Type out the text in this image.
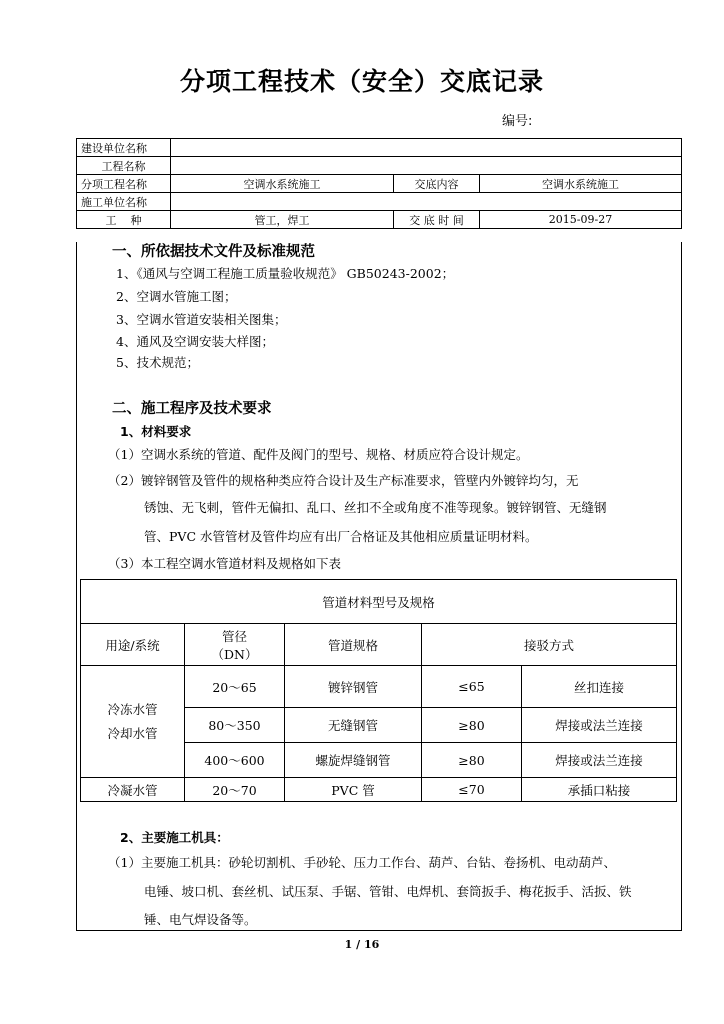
分项工程技术（安全）交底记录
编号:
建设单位名称			
工程名称			
分项工程名称	空调水系统施工	交底内容	空调水系统施工
施工单位名称			
工    种	管工，焊工	交 底 时 间	2015-09-27
一、所依据技术文件及标准规范
1、《通风与空调工程施工质量验收规范》 GB50243-2002；
2、空调水管施工图；
3、空调水管道安装相关图集；
4、通风及空调安装大样图；
5、技术规范；
二、施工程序及技术要求
1、材料要求
（1）空调水系统的管道、配件及阀门的型号、规格、材质应符合设计规定。
（2）镀锌钢管及管件的规格种类应符合设计及生产标准要求，管壁内外镀锌均匀，无
锈蚀、无飞刺，管件无偏扣、乱口、丝扣不全或角度不准等现象。镀锌钢管、无缝钢
管、PVC 水管管材及管件均应有出厂合格证及其他相应质量证明材料。
（3）本工程空调水管道材料及规格如下表
管道材料型号及规格				
用途/系统	管径
（DN）	管道规格	接驳方式	

冷冻水管
冷却水管	20～65	镀锌钢管	≤65	丝扣连接
	80～350	无缝钢管	≥80	焊接或法兰连接
	400～600	螺旋焊缝钢管	≥80	焊接或法兰连接
冷凝水管	20～70	PVC 管	≤70	承插口粘接
2、主要施工机具：
（1）主要施工机具：砂轮切割机、手砂轮、压力工作台、葫芦、台钻、卷扬机、电动葫芦、
电锤、坡口机、套丝机、试压泵、手锯、管钳、电焊机、套筒扳手、梅花扳手、活扳、铁
锤、电气焊设备等。
1 / 16
